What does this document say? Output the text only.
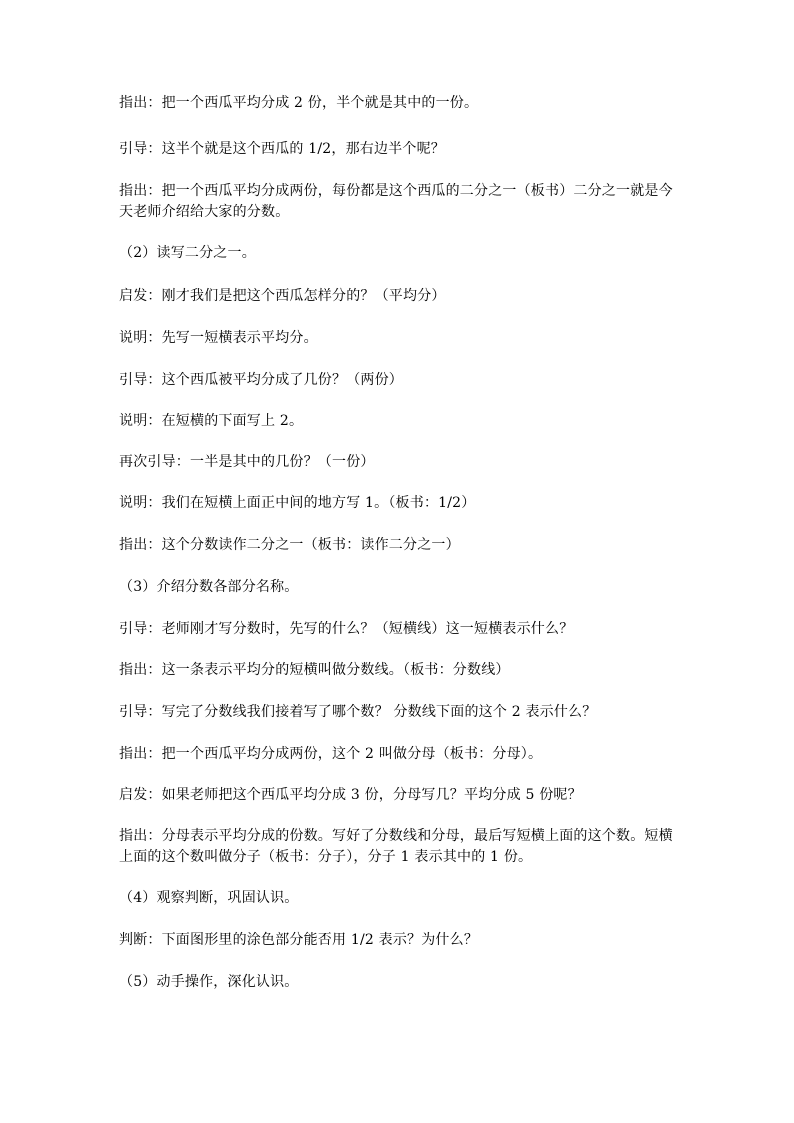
指出：把一个西瓜平均分成 2 份，半个就是其中的一份。

引导：这半个就是这个西瓜的 1/2，那右边半个呢？

指出：把一个西瓜平均分成两份，每份都是这个西瓜的二分之一（板书）二分之一就是今天老师介绍给大家的分数。

（2）读写二分之一。

启发：刚才我们是把这个西瓜怎样分的？（平均分）

说明：先写一短横表示平均分。

引导：这个西瓜被平均分成了几份？（两份）

说明：在短横的下面写上 2。

再次引导：一半是其中的几份？（一份）

说明：我们在短横上面正中间的地方写 1。（板书：1/2）

指出：这个分数读作二分之一（板书：读作二分之一）

（3）介绍分数各部分名称。

引导：老师刚才写分数时，先写的什么？（短横线）这一短横表示什么？

指出：这一条表示平均分的短横叫做分数线。（板书：分数线）

引导：写完了分数线我们接着写了哪个数？ 分数线下面的这个 2 表示什么？

指出：把一个西瓜平均分成两份，这个 2 叫做分母（板书：分母）。

启发：如果老师把这个西瓜平均分成 3 份，分母写几？平均分成 5 份呢？

指出：分母表示平均分成的份数。写好了分数线和分母，最后写短横上面的这个数。短横上面的这个数叫做分子（板书：分子），分子 1 表示其中的 1 份。

（4）观察判断，巩固认识。

判断：下面图形里的涂色部分能否用 1/2 表示？为什么？

（5）动手操作，深化认识。
